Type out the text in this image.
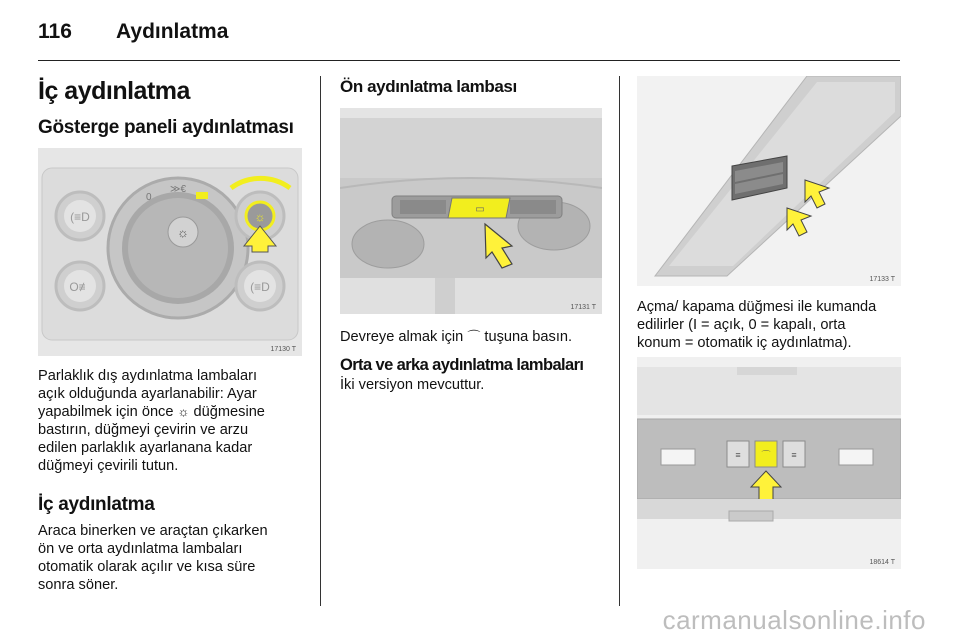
116 Aydınlatma
İç aydınlatma
Gösterge paneli aydınlatması
(≡D
O≢
☼
0
≫€
☼
(≡D
17130 T
Parlaklık dış aydınlatma lambaları
açık olduğunda ayarlanabilir: Ayar
yapabilmek için önce ☼ düğmesine
bastırın, düğmeyi çevirin ve arzu
edilen parlaklık ayarlanana kadar
düğmeyi çevirili tutun.
İç aydınlatma
Araca binerken ve araçtan çıkarken
ön ve orta aydınlatma lambaları
otomatik olarak açılır ve kısa süre
sonra söner.
Ön aydınlatma lambası
▭
17131 T
Devreye almak için ⌒ tuşuna basın.
Orta ve arka aydınlatma lambaları
İki versiyon mevcuttur.
17133 T
Açma/ kapama düğmesi ile kumanda
edilirler (I = açık, 0 = kapalı, orta
konum = otomatik iç aydınlatma).
≡ ⌒ ≡
18614 T
carmanualsonline.info
